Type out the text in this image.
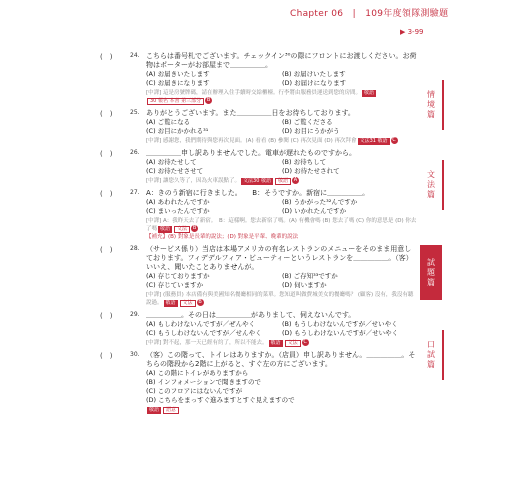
Chapter 06　|　109年度領隊測驗題
▶ 3-99
情境篇
文法篇
試題篇
口試篇
(　)	24. こちらは番号札でございます。チェックイン³⁰の際にフロントにお渡しください。お荷物はポーターがお部屋まで＿＿＿＿＿。
(A) お届きいたします	(B) お届けいたします
(C) お届きになります	(D) お届けになります
[中譯] 這是房號牌碼，請在辦理入住手續時交給櫃檯。行李將由服務員運送到您的房間。 敬語30 報名 本書 第三部分 B
(　)	25. ありがとうございます。また＿＿＿＿＿日をお待ちしております。
(A) ご覧になる	(B) ご覧くださる
(C) お目にかかれる³¹	(D) お目にうかがう
[中譯] 感謝您，我們期待與您再次見面。(A) 看看 (B) 參閱 (C) 再次見面 (D) 再次拜會 文法31 敬語 C
(　)	26. ＿＿＿＿＿申し訳ありませんでした。電車が遅れたものですから。
(A) お待たせして	(B) お待ちして
(C) お待たせさせて	(D) お待たせされて
[中譯] 讓您久等了，因為火車誤點了。 文法30 敬語 敬語 A
(　)	27. A：きのう新宿に行きました。　　B：そうですか。新宿に＿＿＿＿＿。
(A) あわれたんですか	(B) うかがった³²んですか
(C) まいったんですか	(D) いかれたんですか
[中譯] A：我昨天去了新宿。　B：這樣啊。您去新宿了嗎。(A) 有機會嗎 (B) 您去了嗎 (C) 你的意思是 (D) 你去了嗎 敬語 文法 B
【補充】(B) 對象是長輩的說法；(D) 對象是平輩、晚輩的說法
(　)	28. （サービス係り）当店は本場アメリカの有名レストランのメニューをそのまま用意しております。フィデデルフィア・ビューティーというレストランを＿＿＿＿＿。（客）いいえ、聞いたことありませんが。
(A) 存じておりますか	(B) ご存知³³ですか
(C) 存じていますか	(D) 伺いますか
[中譯] (服務員) 本店備有與美國知名餐廳相同的菜單。您知道叫做費城美女的餐廳嗎？ (顧客) 沒有，我沒有聽說過。 敬語 文法 B
(　)	29. ＿＿＿＿＿。その日は＿＿＿＿＿がありまして、伺えないんです。
(A) もしわけないんですが／ぜんやく	(B) もうしわけないんですが／せいやく
(C) もうしわけないんですが／せんやく	(D) もうしわけないんですが／せいやく
[中譯] 對不起，那一天已經有約了，所以不能去。 敬語 文法 C
(　)	30. （客）この階って、トイレはありますか。（店員）申し訳ありません。＿＿＿＿＿。そちらの階段から2階に上がると、すぐ左の方にございます。
(A) この階にトイレがありますから
(B) インフォメーションで聞きますので
(C) このフロアにはないんですが
(D) こちらをまっすぐ進みますとすぐ見えますので
敬語 語意
